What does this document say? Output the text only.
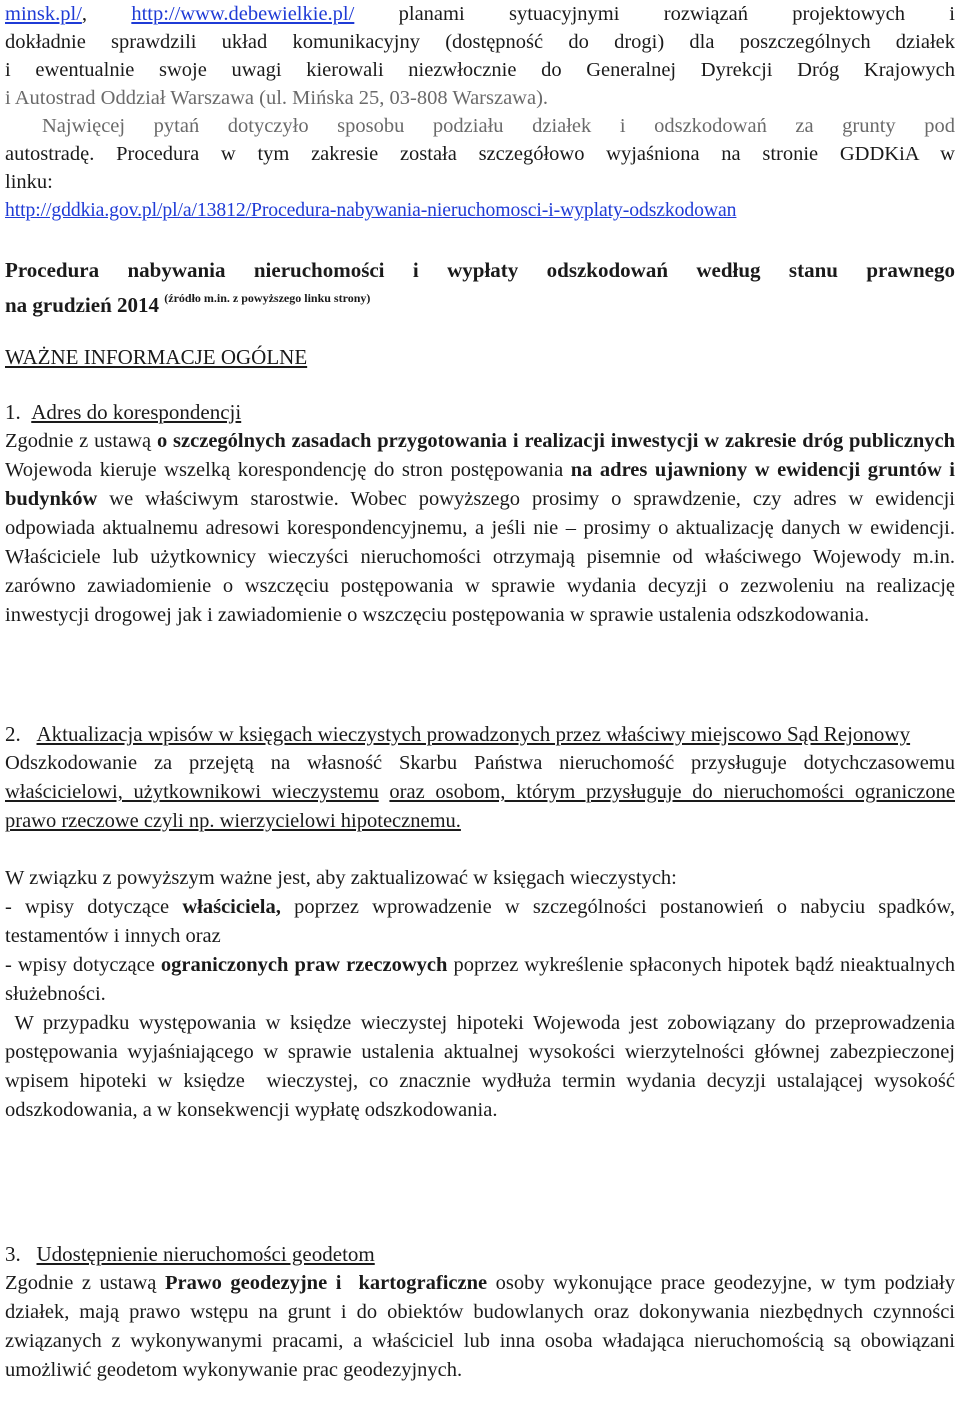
minsk.pl/, http://www.debewielkie.pl/ planami sytuacyjnymi rozwiązań projektowych i
dokładnie sprawdzili układ komunikacyjny (dostępność do drogi) dla poszczególnych działek
i ewentualnie swoje uwagi kierowali niezwłocznie do Generalnej Dyrekcji Dróg Krajowych
i Autostrad Oddział Warszawa (ul. Mińska 25, 03-808 Warszawa).
Najwięcej pytań dotyczyło sposobu podziału działek i odszkodowań za grunty pod
autostradę. Procedura w tym zakresie została szczegółowo wyjaśniona na stronie GDDKiA w
linku:
http://gddkia.gov.pl/pl/a/13812/Procedura-nabywania-nieruchomosci-i-wyplaty-odszkodowan
Procedura nabywania nieruchomości i wypłaty odszkodowań według stanu prawnego
na grudzień 2014 $^{(źródło m.in. z powyższego linku strony)}$
WAŻNE INFORMACJE OGÓLNE
1. Adres do korespondencji

Zgodnie z ustawą o szczególnych zasadach przygotowania i realizacji inwestycji w zakresie dróg publicznych Wojewoda kieruje wszelką korespondencję do stron postępowania na adres ujawniony w ewidencji gruntów i budynków we właściwym starostwie. Wobec powyższego prosimy o sprawdzenie, czy adres w ewidencji odpowiada aktualnemu adresowi korespondencyjnemu, a jeśli nie – prosimy o aktualizację danych w ewidencji. Właściciele lub użytkownicy wieczyści nieruchomości otrzymają pisemnie od właściwego Wojewody m.in. zarówno zawiadomienie o wszczęciu postępowania w sprawie wydania decyzji o zezwoleniu na realizację inwestycji drogowej jak i zawiadomienie o wszczęciu postępowania w sprawie ustalenia odszkodowania.

2. Aktualizacja wpisów w księgach wieczystych prowadzonych przez właściwy miejscowo Sąd Rejonowy

Odszkodowanie za przejętą na własność Skarbu Państwa nieruchomość przysługuje dotychczasowemu właścicielowi, użytkownikowi wieczystemu oraz osobom, którym przysługuje do nieruchomości ograniczone prawo rzeczowe czyli np. wierzycielowi hipotecznemu.

W związku z powyższym ważne jest, aby zaktualizować w księgach wieczystych:

- wpisy dotyczące właściciela, poprzez wprowadzenie w szczególności postanowień o nabyciu spadków, testamentów i innych oraz

- wpisy dotyczące ograniczonych praw rzeczowych poprzez wykreślenie spłaconych hipotek bądź nieaktualnych służebności.

W przypadku występowania w księdze wieczystej hipoteki Wojewoda jest zobowiązany do przeprowadzenia postępowania wyjaśniającego w sprawie ustalenia aktualnej wysokości wierzytelności głównej zabezpieczonej wpisem hipoteki w księdze  wieczystej, co znacznie wydłuża termin wydania decyzji ustalającej wysokość odszkodowania, a w konsekwencji wypłatę odszkodowania.

3. Udostępnienie nieruchomości geodetom

Zgodnie z ustawą Prawo geodezyjne i  kartograficzne osoby wykonujące prace geodezyjne, w tym podziały działek, mają prawo wstępu na grunt i do obiektów budowlanych oraz dokonywania niezbędnych czynności związanych z wykonywanymi pracami, a właściciel lub inna osoba władająca nieruchomością są obowiązani umożliwić geodetom wykonywanie prac geodezyjnych.
